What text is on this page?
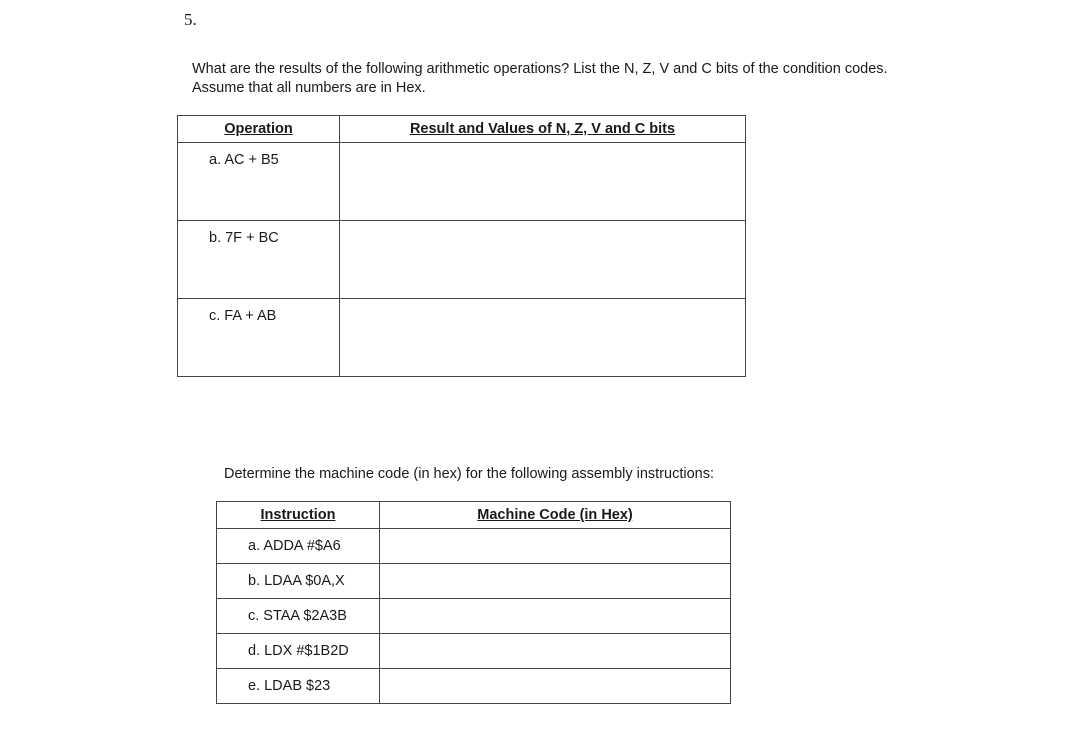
5.
What are the results of the following arithmetic operations? List the N, Z, V and C bits of the condition codes. Assume that all numbers are in Hex.
Operation	Result and Values of N, Z, V and C bits

a. AC + B5	

b. 7F + BC	

c. FA + AB	

Determine the machine code (in hex) for the following assembly instructions:
Instruction	Machine Code (in Hex)

a. ADDA #$A6	

b. LDAA $0A,X	

c. STAA $2A3B	

d. LDX #$1B2D	

e. LDAB $23	
